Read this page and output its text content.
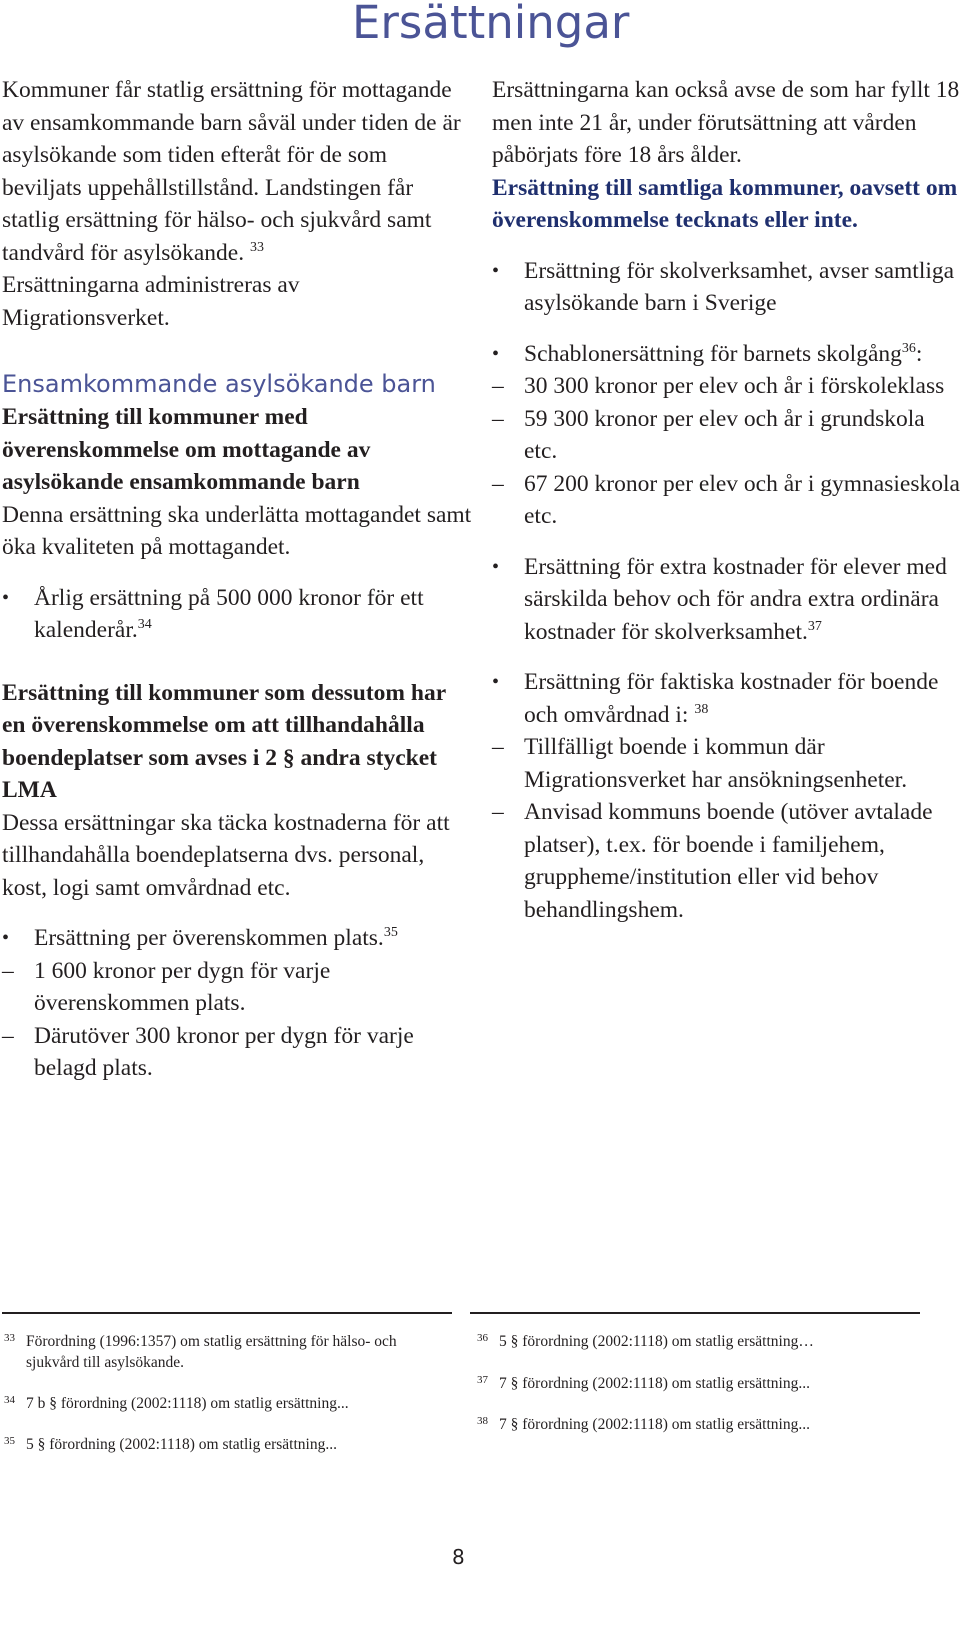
Ersättningar

Kommuner får statlig ersättning för mottagande av ensamkommande barn såväl under tiden de är asylsökande som tiden efteråt för de som beviljats uppehållstillstånd. Landstingen får statlig ersättning för hälso- och sjukvård samt tandvård för asylsökande. $^{33}$

Ersättningarna administreras av Migrationsverket.

Ensamkommande asylsökande barn

Ersättning till kommuner med överenskommelse om mottagande av asylsökande ensamkommande barn

Denna ersättning ska underlätta mottagandet samt öka kvaliteten på mottagandet.

• Årlig ersättning på 500 000 kronor för ett kalenderår.$^{34}$

Ersättning till kommuner som dessutom har en överenskommelse om att tillhandahålla boendeplatser som avses i 2 § andra stycket LMA

Dessa ersättningar ska täcka kostnaderna för att tillhandahålla boendeplatserna dvs. personal, kost, logi samt omvårdnad etc.

• Ersättning per överenskommen plats.$^{35}$
– 1 600 kronor per dygn för varje överenskommen plats.
– Därutöver 300 kronor per dygn för varje belagd plats.

Ersättningarna kan också avse de som har fyllt 18 men inte 21 år, under förutsättning att vården påbörjats före 18 års ålder.

Ersättning till samtliga kommuner, oavsett om överenskommelse tecknats eller inte.

• Ersättning för skolverksamhet, avser samtliga asylsökande barn i Sverige
• Schablonersättning för barnets skolgång$^{36}$:
– 30 300 kronor per elev och år i förskoleklass
– 59 300 kronor per elev och år i grundskola etc.
– 67 200 kronor per elev och år i gymnasieskola etc.
• Ersättning för extra kostnader för elever med särskilda behov och för andra extra ordinära kostnader för skolverksamhet.$^{37}$
• Ersättning för faktiska kostnader för boende och omvårdnad i: $^{38}$
– Tillfälligt boende i kommun där Migrationsverket har ansökningsenheter.
– Anvisad kommuns boende (utöver avtalade platser), t.ex. för boende i familjehem, gruppheme/institution eller vid behov behandlingshem.
33 Förordning (1996:1357) om statlig ersättning för hälso- och sjukvård till asylsökande.
34 7 b § förordning (2002:1118) om statlig ersättning...
35 5 § förordning (2002:1118) om statlig ersättning...
36 5 § förordning (2002:1118) om statlig ersättning…
37 7 § förordning (2002:1118) om statlig ersättning...
38 7 § förordning (2002:1118) om statlig ersättning...
8
